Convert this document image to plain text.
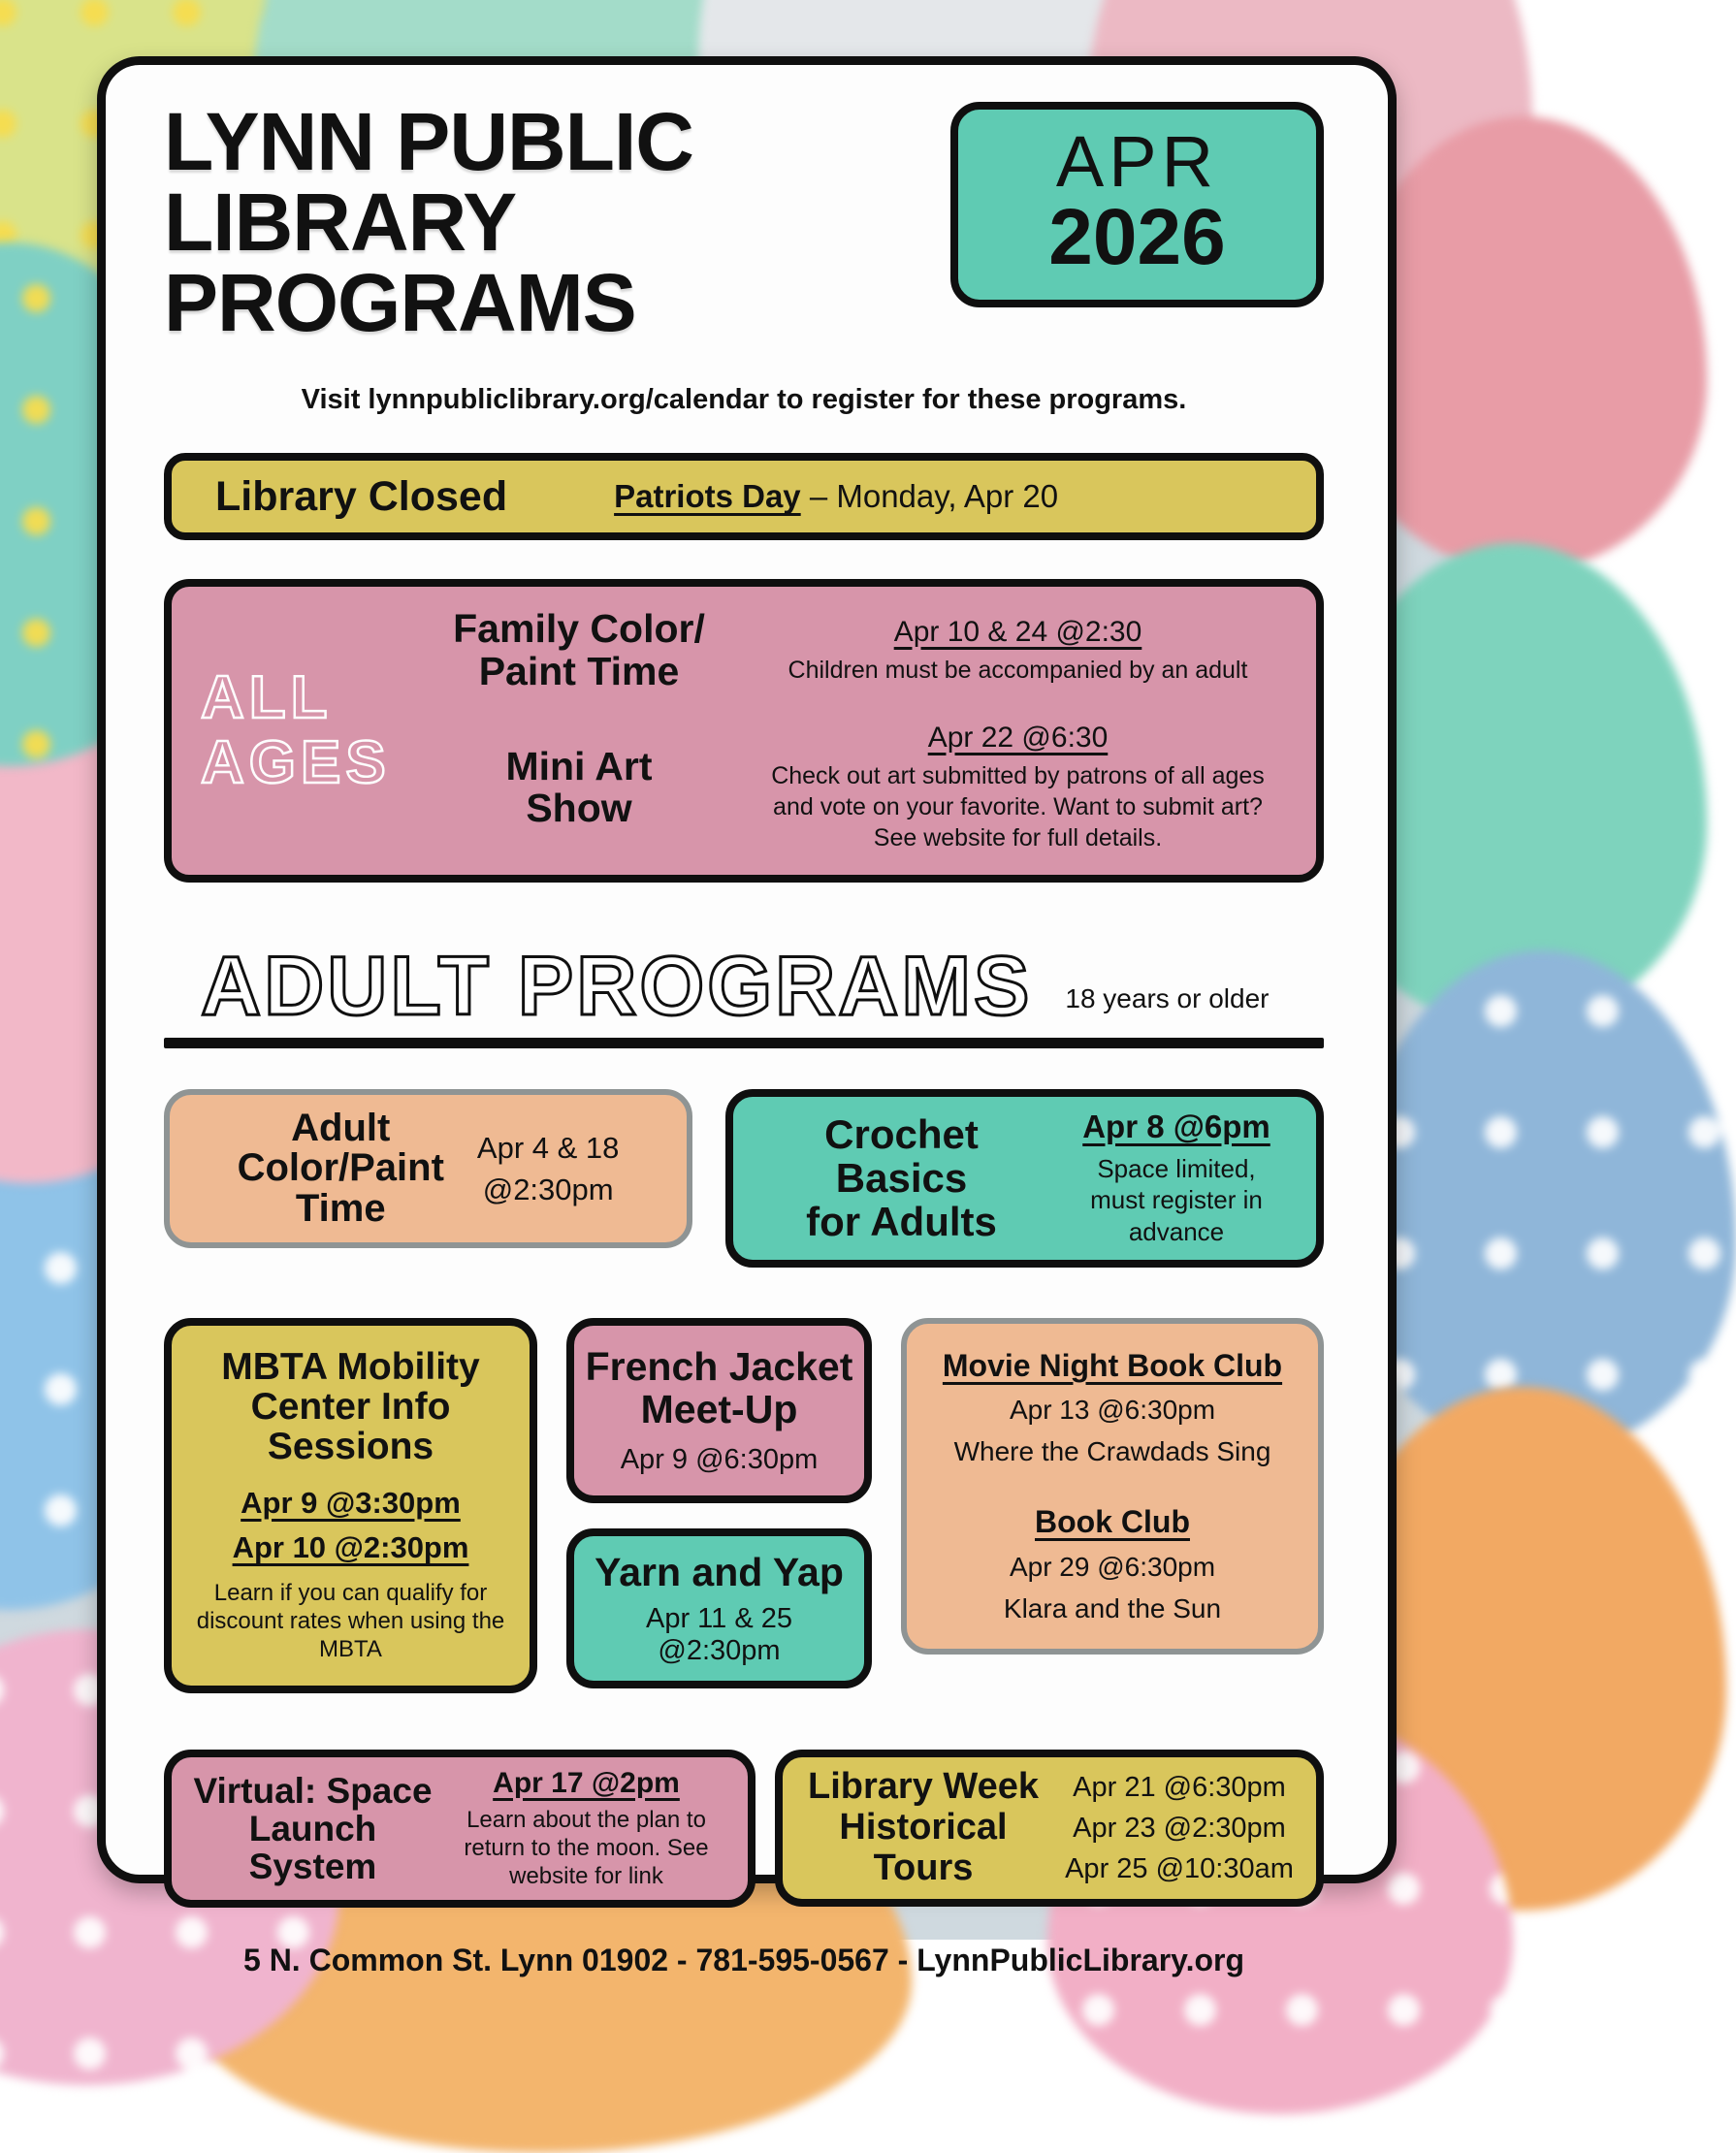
LYNN PUBLIC
LIBRARY
PROGRAMS
APR
2026
Visit lynnpubliclibrary.org/calendar to register for these programs.
Library Closed	Patriots Day – Monday, Apr 20
ALL
AGES
Family Color/
Paint Time
Apr 10 & 24 @2:30
Children must be accompanied by an adult
Mini Art
Show
Apr 22 @6:30
Check out art submitted by patrons of all ages and vote on your favorite. Want to submit art? See website for full details.
ADULT PROGRAMS 18 years or older
Adult
Color/Paint
Time
Apr 4 & 18
@2:30pm
Crochet Basics
for Adults
Apr 8 @6pm
Space limited, must register in advance
MBTA Mobility
Center Info
Sessions
Apr 9 @3:30pm
Apr 10 @2:30pm
Learn if you can qualify for discount rates when using the MBTA
French Jacket
Meet-Up
Apr 9 @6:30pm
Yarn and Yap
Apr 11 & 25 @2:30pm
Movie Night Book Club
Apr 13 @6:30pm
Where the Crawdads Sing
Book Club
Apr 29 @6:30pm
Klara and the Sun
Virtual: Space
Launch
System
Apr 17 @2pm
Learn about the plan to return to the moon. See website for link
Library Week
Historical
Tours
Apr 21 @6:30pm
Apr 23 @2:30pm
Apr 25 @10:30am
5 N. Common St. Lynn 01902 - 781-595-0567 - LynnPublicLibrary.org
